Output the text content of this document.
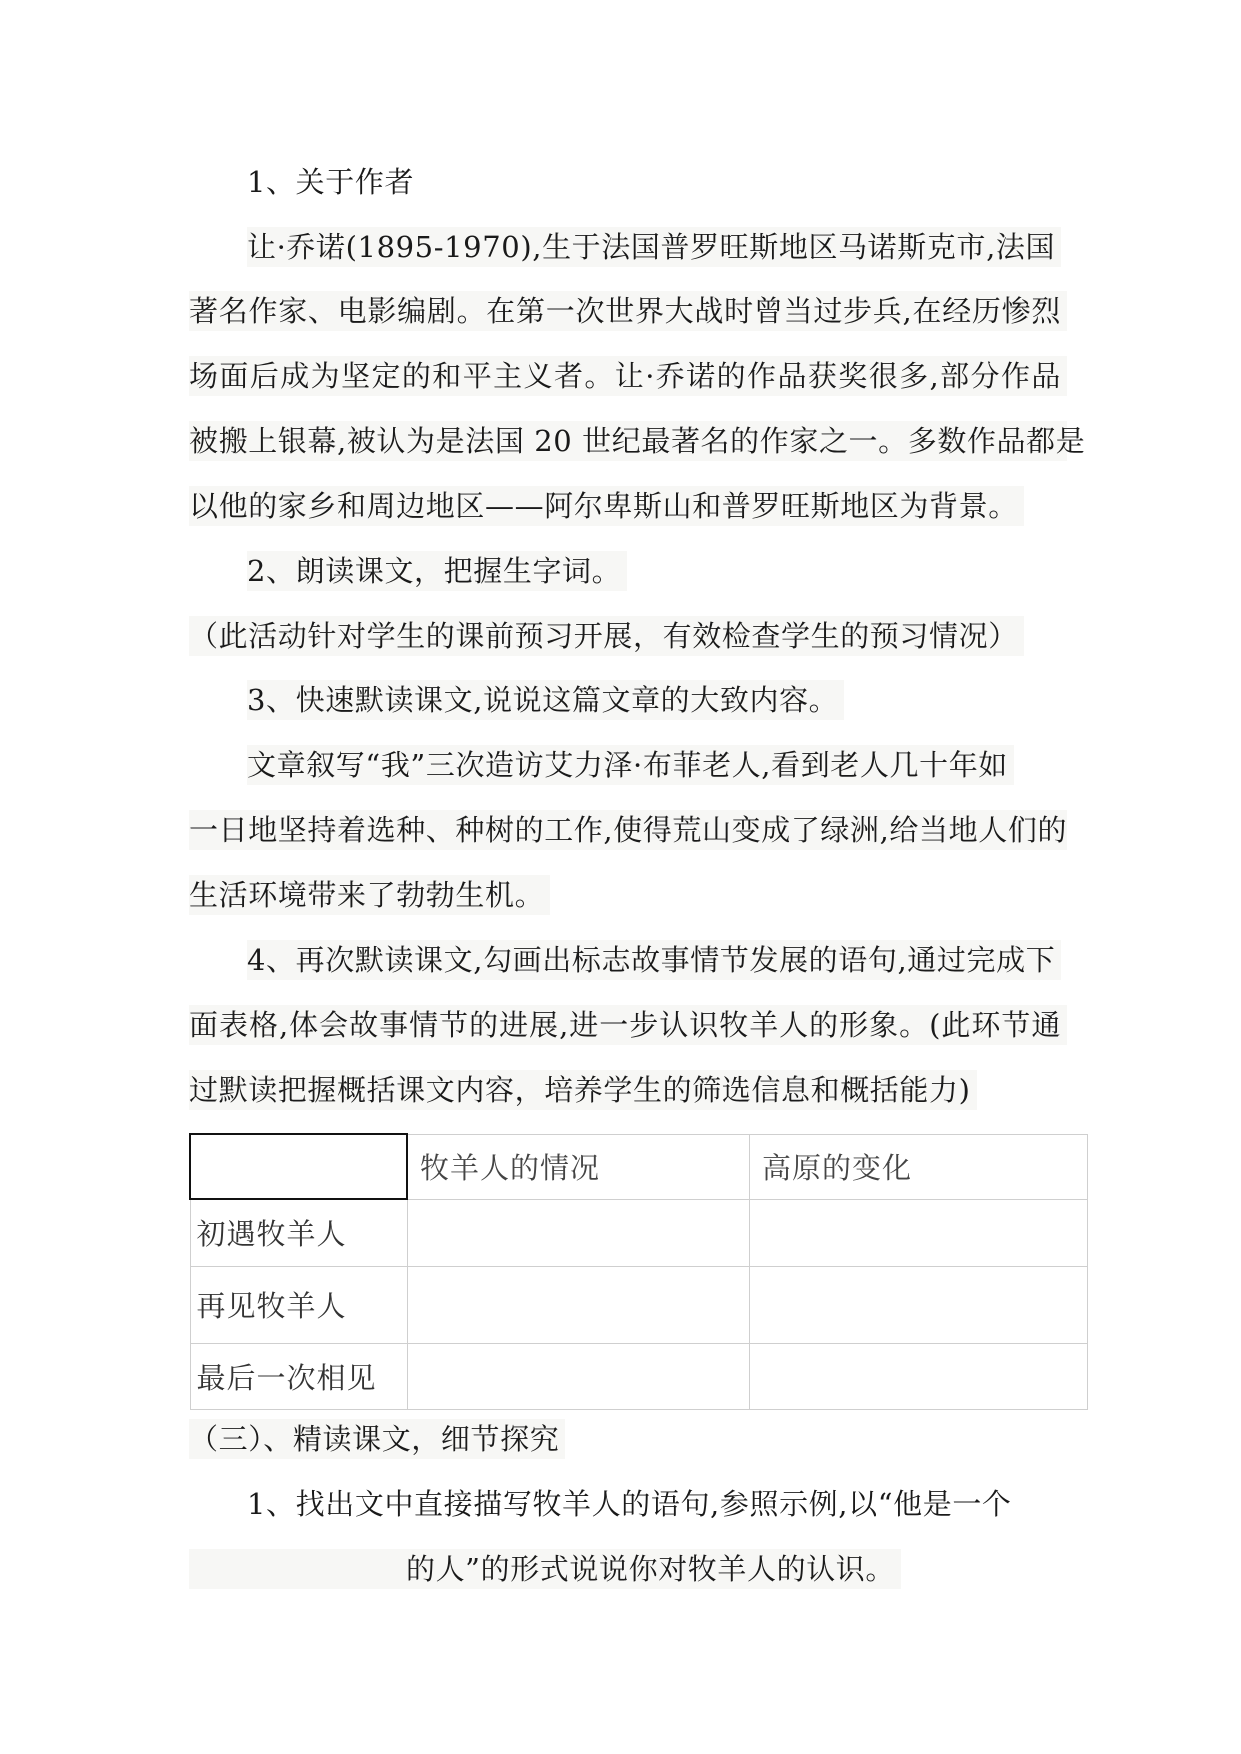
1、关于作者
让·乔诺(1895-1970),生于法国普罗旺斯地区马诺斯克市,法国
著名作家、电影编剧。在第一次世界大战时曾当过步兵,在经历惨烈
场面后成为坚定的和平主义者。让·乔诺的作品获奖很多,部分作品
被搬上银幕,被认为是法国 20 世纪最著名的作家之一。多数作品都是
以他的家乡和周边地区——阿尔卑斯山和普罗旺斯地区为背景。
2、朗读课文，把握生字词。
（此活动针对学生的课前预习开展，有效检查学生的预习情况）
3、快速默读课文,说说这篇文章的大致内容。
文章叙写“我”三次造访艾力泽·布菲老人,看到老人几十年如
一日地坚持着选种、种树的工作,使得荒山变成了绿洲,给当地人们的
生活环境带来了勃勃生机。
4、再次默读课文,勾画出标志故事情节发展的语句,通过完成下
面表格,体会故事情节的进展,进一步认识牧羊人的形象。(此环节通
过默读把握概括课文内容，培养学生的筛选信息和概括能力)
	牧羊人的情况	高原的变化
初遇牧羊人		
再见牧羊人		
最后一次相见		
（三）、精读课文，细节探究
1、找出文中直接描写牧羊人的语句,参照示例,以“他是一个
的人”的形式说说你对牧羊人的认识。
